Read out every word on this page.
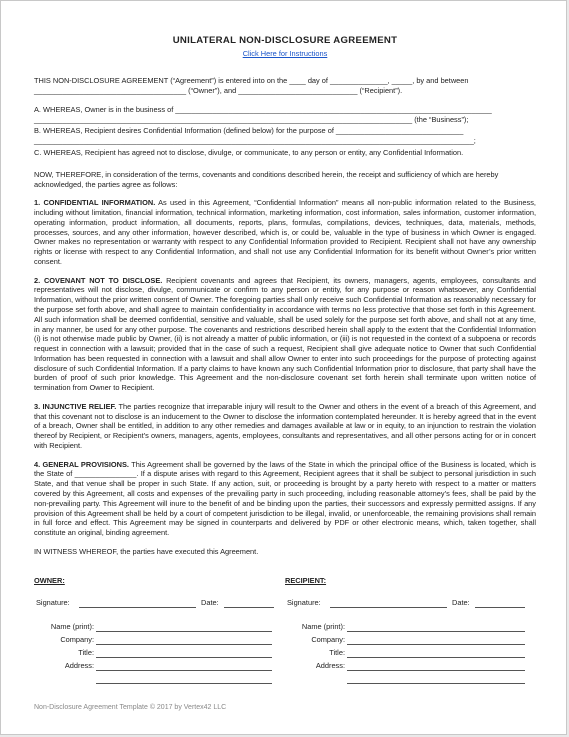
UNILATERAL NON-DISCLOSURE AGREEMENT

Click Here for Instructions

THIS NON-DISCLOSURE AGREEMENT (“Agreement”) is entered into on the ____ day of ______________, _____, by and between

_____________________________________ (“Owner”), and _____________________________ (“Recipient”).

A. WHEREAS, Owner is in the business of _____________________________________________________________________________

____________________________________________________________________________________________ (the “Business”);

B. WHEREAS, Recipient desires Confidential Information (defined below) for the purpose of _______________________________

___________________________________________________________________________________________________________;

C. WHEREAS, Recipient has agreed not to disclose, divulge, or communicate, to any person or entity, any Confidential Information.

NOW, THEREFORE, in consideration of the terms, covenants and conditions described herein, the receipt and sufficiency of which are hereby acknowledged, the parties agree as follows:

1. CONFIDENTIAL INFORMATION. As used in this Agreement, “Confidential Information” means all non-public information related to the Business, including without limitation, financial information, technical information, marketing information, cost information, sales information, customer information, operating information, product information, all documents, reports, plans, formulas, compilations, devices, techniques, data, materials, methods, processes, sources, and any other information, however described, which is, or could be, valuable in the type of business in which Owner is engaged. Owner makes no representation or warranty with respect to any Confidential Information provided to Recipient. Recipient shall not have any ownership rights or license with respect to any Confidential Information, and shall not use any Confidential Information for its benefit without Owner’s prior written consent.

2. COVENANT NOT TO DISCLOSE. Recipient covenants and agrees that Recipient, its owners, managers, agents, employees, consultants and representatives will not disclose, divulge, communicate or confirm to any person or entity, for any purpose or reason whatsoever, any Confidential Information, without the prior written consent of Owner. The foregoing parties shall only receive such Confidential Information as reasonably necessary for the purpose set forth above, and shall agree to maintain confidentiality in accordance with terms no less protective that those set forth in this Agreement. All such information shall be deemed confidential, sensitive and valuable, shall be used solely for the purpose set forth above, and shall not at any time, in any manner, be used for any other purpose. The covenants and restrictions described herein shall apply to the extent that the Confidential Information (i) is not otherwise made public by Owner, (ii) is not already a matter of public information, or (iii) is not requested in the context of a subpoena or records request in connection with a lawsuit; provided that in the case of such a request, Recipient shall give adequate notice to Owner that such Confidential Information has been requested in connection with a lawsuit and shall allow Owner to enter into such proceedings for the purpose of protecting against disclosure of such Confidential Information. If a party claims to have known any such Confidential Information prior to disclosure, that party shall have the burden of proof of such prior knowledge. This Agreement and the non-disclosure covenant set forth herein shall terminate upon written notice of termination from Owner to Recipient.

3. INJUNCTIVE RELIEF. The parties recognize that irreparable injury will result to the Owner and others in the event of a breach of this Agreement, and that this covenant not to disclose is an inducement to the Owner to disclose the information contemplated hereunder. It is hereby agreed that in the event of a breach, Owner shall be entitled, in addition to any other remedies and damages available at law or in equity, to an injunction to restrain the violation thereof by Recipient, or Recipient’s owners, managers, agents, employees, consultants and representatives, and all other persons acting for or in concert with Recipient.

4. GENERAL PROVISIONS. This Agreement shall be governed by the laws of the State in which the principal office of the Business is located, which is the State of _______________. If a dispute arises with regard to this Agreement, Recipient agrees that it shall be subject to personal jurisdiction in such State, and that venue shall be proper in such State. If any action, suit, or proceeding is brought by a party hereto with respect to a matter or matters covered by this Agreement, all costs and expenses of the prevailing party in such proceeding, including reasonable attorney’s fees, shall be paid by the non-prevailing party. This Agreement will inure to the benefit of and be binding upon the parties, their successors and expressly permitted assigns. If any provision of this Agreement shall be held by a court of competent jurisdiction to be illegal, invalid, or unenforceable, the remaining provisions shall remain in full force and effect. This Agreement may be signed in counterparts and delivered by PDF or other electronic means, which, taken together, shall constitute an original, binding agreement.

IN WITNESS WHEREOF, the parties have executed this Agreement.

OWNER:
Signature:	Date:
Name (print):
Company:
Title:
Address:
RECIPIENT:
Signature:	Date:
Name (print):
Company:
Title:
Address:
Non-Disclosure Agreement Template © 2017 by Vertex42 LLC
